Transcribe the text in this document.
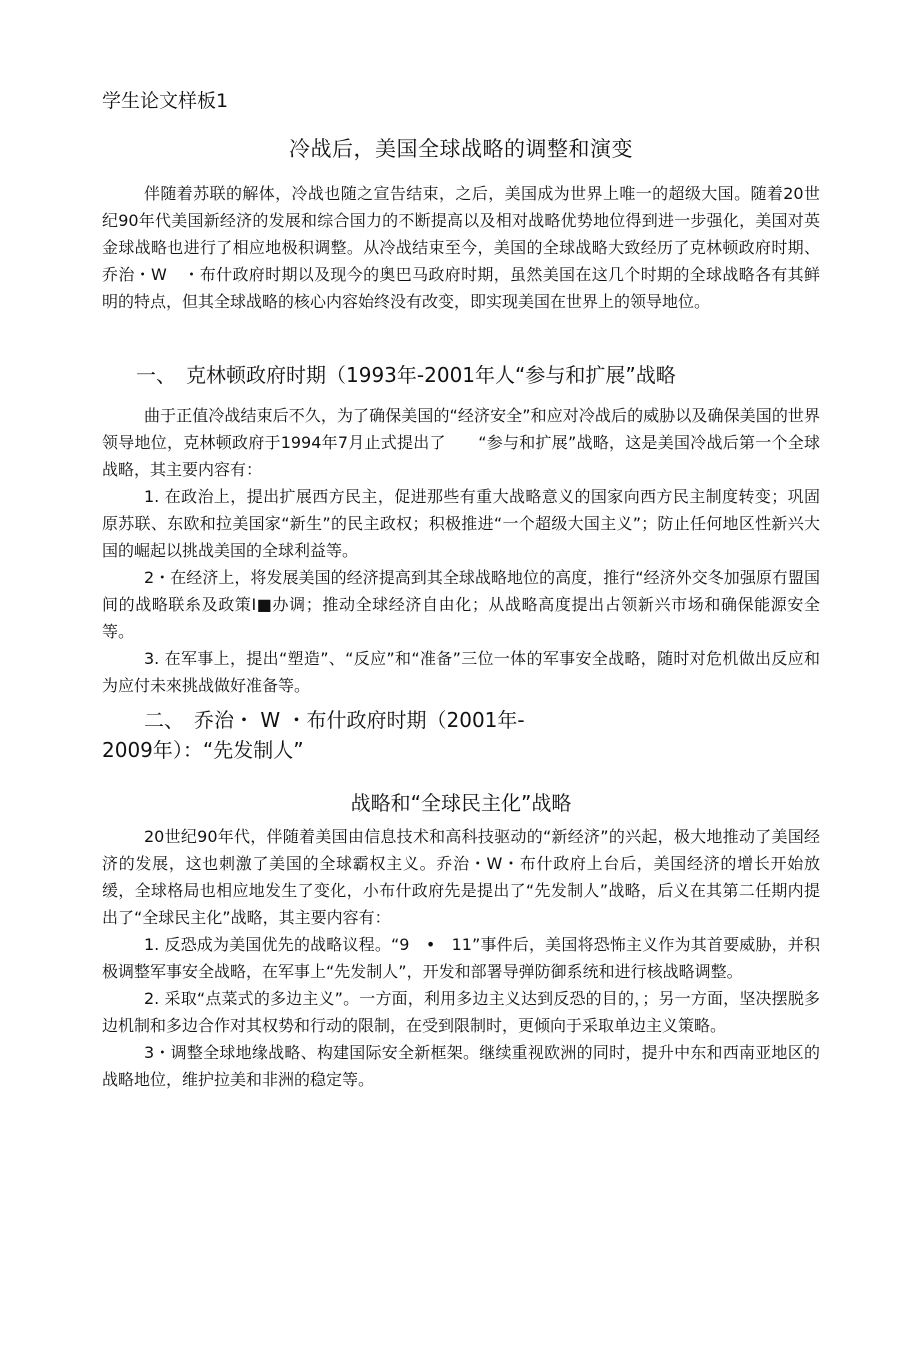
学生论文样板1
冷战后，美国全球战略的调整和演变

伴随着苏联的解体，冷战也随之宣告结束，之后，美国成为世界上唯一的超级大国。随着20世纪90年代美国新经济的发展和综合国力的不断提高以及相对战略优势地位得到进一步强化，美国对英金球战略也进行了相应地极积调整。从冷战结束至今，美国的全球战略大致经历了克林顿政府时期、乔治・W　・布什政府时期以及现今的奥巴马政府时期，虽然美国在这几个时期的全球战略各有其鲜明的特点，但其全球战略的核心内容始终没有改变，即实现美国在世界上的领导地位。

一、　克林顿政府时期（1993年-2001年人“参与和扩展”战略

曲于正值冷战结束后不久，为了确保美国的“经济安全”和应对冷战后的威胁以及确保美国的世界领导地位，克林顿政府于1994年7月止式提出了　　“参与和扩展”战略，这是美国冷战后第一个全球战略，其主要内容有：

1. 在政治上，提出扩展西方民主，促进那些有重大战略意义的国家向西方民主制度转变；巩固原苏联、东欧和拉美国家“新生”的民主政权；积极推进“一个超级大国主义”；防止任何地区性新兴大国的崛起以挑战美国的全球利益等。

2・在经济上，将发展美国的经济提高到其全球战略地位的高度，推行“经济外交冬加强原冇盟国间的战略联糸及政策I■办调；推动全球经济自由化；从战略高度提出占领新兴市场和确保能源安全等。

3. 在军事上，提出“塑造”、“反应”和“准备”三位一体的军事安全战略，随时对危机做出反应和为应付未來挑战做好准备等。

二、　乔治・ W ・布什政府时期（2001年-
2009年）：“先发制人”
战略和“全球民主化”战略

20世纪90年代，伴随着美国由信息技术和高科技驱动的“新经济”的兴起，极大地推动了美国经济的发展，这也刺激了美国的全球霸权主义。乔治・W・布什政府上台后，美国经济的增长开始放缓，全球格局也相应地发生了变化，小布什政府先是提出了“先发制人”战略，后义在其第二任期内提出了“全球民主化”战略，其主要内容有：

1. 反恐成为美国优先的战略议程。“9　•　11”事件后，美国将恐怖主义作为其首要威胁，并积极调整军事安全战略，在军事上“先发制人”，开发和部署导弹防御系统和进行核战略调整。

2. 采取“点菜式的多边主义”。一方面，利用多边主义达到反恐的目的，；另一方面，坚决摆脱多边机制和多边合作对其权势和行动的限制，在受到限制时，更倾向于采取单边主义策略。

3・调整全球地缘战略、构建国际安全新框架。继续重视欧洲的同时，提升中东和西南亚地区的战略地位，维护拉美和非洲的稳定等。
